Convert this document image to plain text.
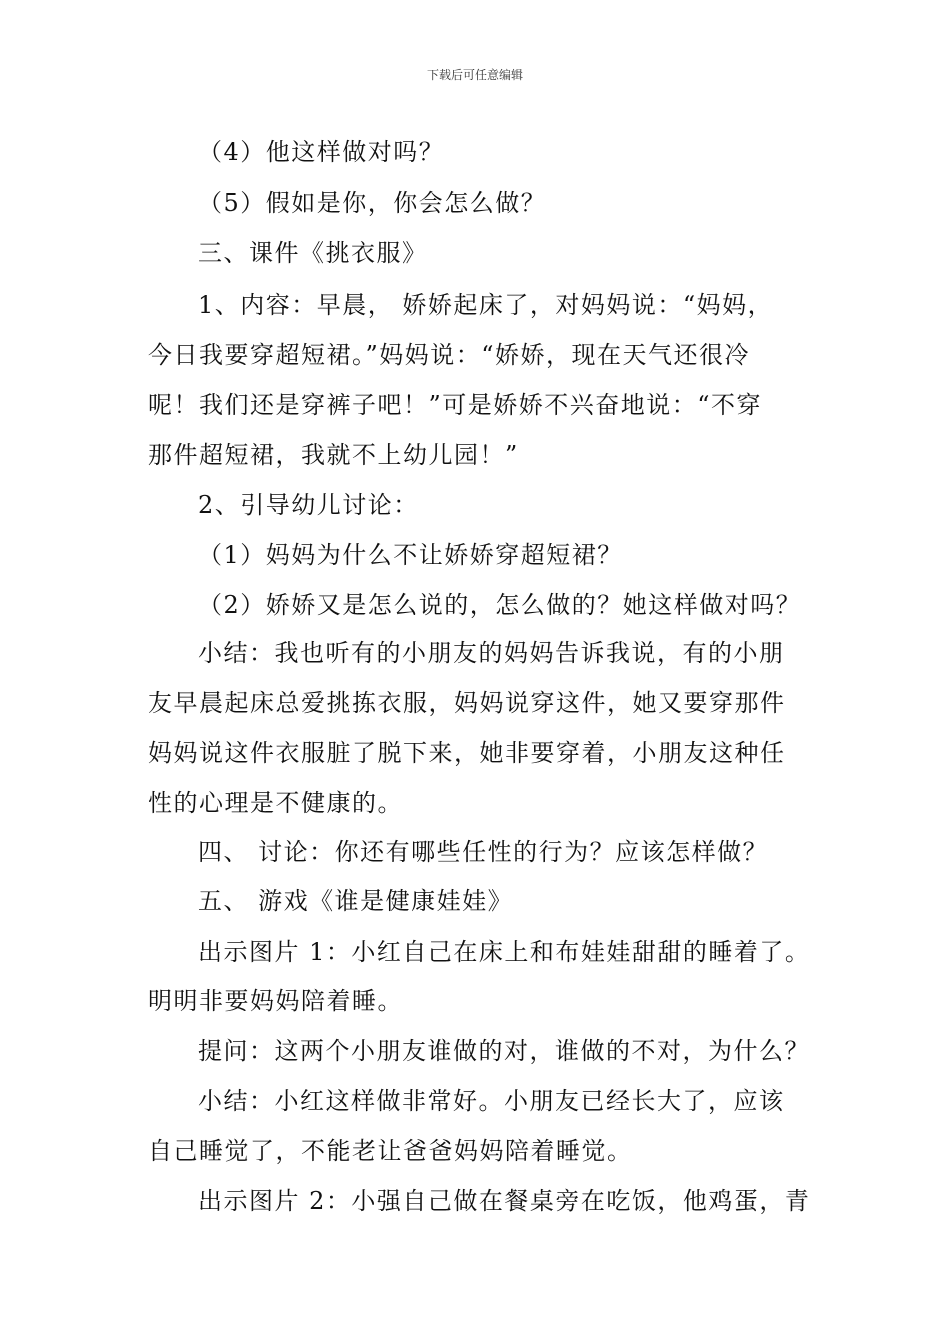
下载后可任意编辑
（4）他这样做对吗？
（5）假如是你，你会怎么做？
三、课件《挑衣服》
1、内容：早晨， 娇娇起床了，对妈妈说：“妈妈，
今日我要穿超短裙。”妈妈说：“娇娇，现在天气还很冷
呢！我们还是穿裤子吧！”可是娇娇不兴奋地说：“不穿
那件超短裙，我就不上幼儿园！”
2、引导幼儿讨论：
（1）妈妈为什么不让娇娇穿超短裙？
（2）娇娇又是怎么说的，怎么做的？她这样做对吗？
小结：我也听有的小朋友的妈妈告诉我说，有的小朋
友早晨起床总爱挑拣衣服，妈妈说穿这件，她又要穿那件
妈妈说这件衣服脏了脱下来，她非要穿着，小朋友这种任
性的心理是不健康的。
四、 讨论：你还有哪些任性的行为？应该怎样做？
五、 游戏《谁是健康娃娃》
出示图片 1：小红自己在床上和布娃娃甜甜的睡着了。
明明非要妈妈陪着睡。
提问：这两个小朋友谁做的对，谁做的不对，为什么？
小结：小红这样做非常好。小朋友已经长大了，应该
自己睡觉了，不能老让爸爸妈妈陪着睡觉。
出示图片 2：小强自己做在餐桌旁在吃饭，他鸡蛋，青
